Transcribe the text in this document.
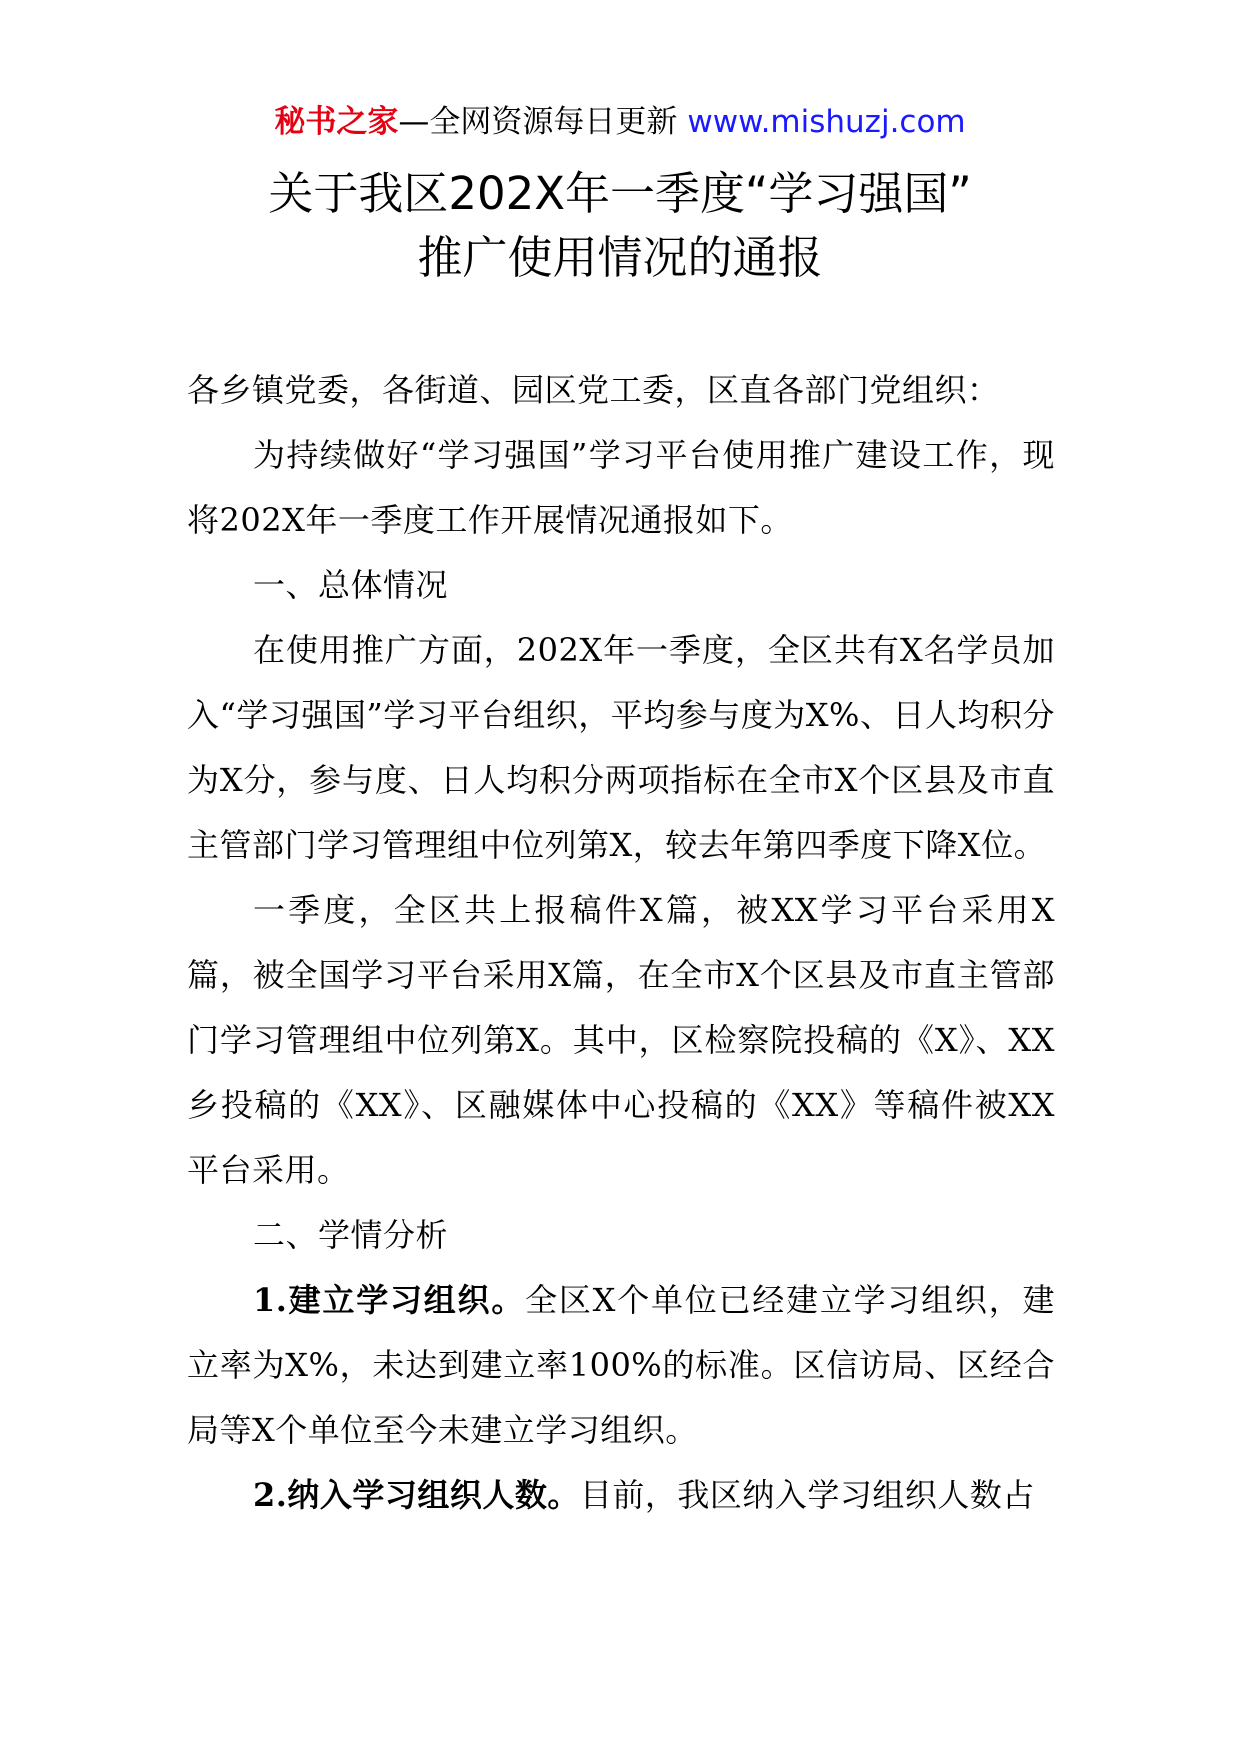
秘书之家—全网资源每日更新 www.mishuzj.com
关于我区202X年一季度“学习强国”
推广使用情况的通报

各乡镇党委，各街道、园区党工委，区直各部门党组织：

为持续做好“学习强国”学习平台使用推广建设工作，现将202X年一季度工作开展情况通报如下。

一、总体情况

在使用推广方面，202X年一季度，全区共有X名学员加入“学习强国”学习平台组织，平均参与度为X%、日人均积分为X分，参与度、日人均积分两项指标在全市X个区县及市直主管部门学习管理组中位列第X，较去年第四季度下降X位。

一季度，全区共上报稿件X篇，被XX学习平台采用X篇，被全国学习平台采用X篇，在全市X个区县及市直主管部门学习管理组中位列第X。其中，区检察院投稿的《X》、XX乡投稿的《XX》、区融媒体中心投稿的《XX》等稿件被XX平台采用。

二、学情分析

1.建立学习组织。全区X个单位已经建立学习组织，建立率为X%，未达到建立率100%的标准。区信访局、区经合局等X个单位至今未建立学习组织。

2.纳入学习组织人数。目前，我区纳入学习组织人数占
